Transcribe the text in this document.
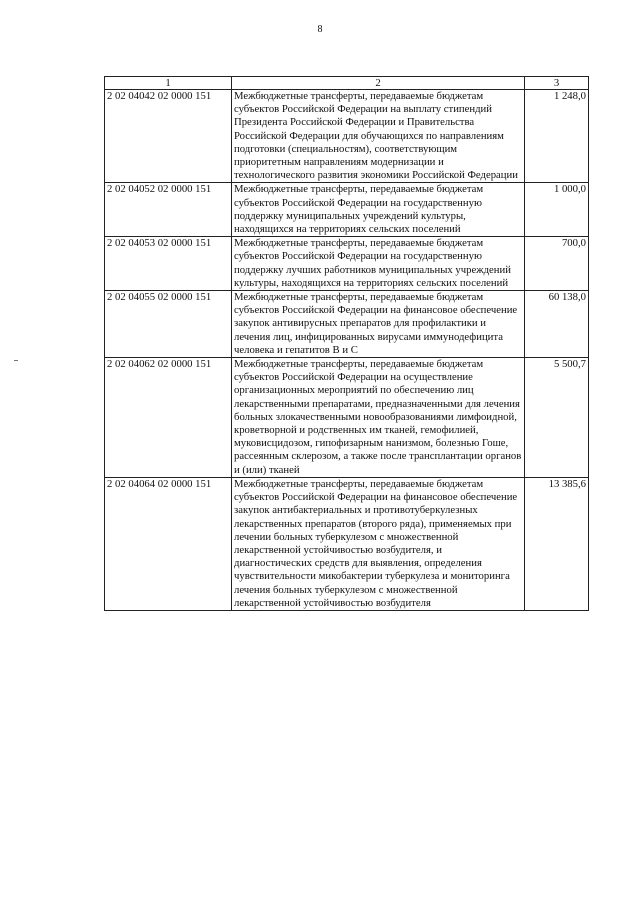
8
1	2	3
2 02 04042 02 0000 151	Межбюджетные трансферты, передаваемые бюджетам субъектов Российской Федерации на выплату стипендий Президента Российской Федерации и Правительства Российской Федерации для обучающихся по направлениям подготовки (специальностям), соответствующим приоритетным направлениям модернизации и технологического развития экономики Российской Федерации	1 248,0
2 02 04052 02 0000 151	Межбюджетные трансферты, передаваемые бюджетам субъектов Российской Федерации на государственную поддержку муниципальных учреждений культуры, находящихся на территориях сельских поселений	1 000,0
2 02 04053 02 0000 151	Межбюджетные трансферты, передаваемые бюджетам субъектов Российской Федерации на государственную поддержку лучших работников муниципальных учреждений культуры, находящихся на территориях сельских поселений	700,0
2 02 04055 02 0000 151	Межбюджетные трансферты, передаваемые бюджетам субъектов Российской Федерации на финансовое обеспечение закупок антивирусных препаратов для профилактики и лечения лиц, инфицированных вирусами иммунодефицита человека и гепатитов В и С	60 138,0
2 02 04062 02 0000 151	Межбюджетные трансферты, передаваемые бюджетам субъектов Российской Федерации на осуществление организационных мероприятий по обеспечению лиц лекарственными препаратами, предназначенными для лечения больных злокачественными новообразованиями лимфоидной, кроветворной и родственных им тканей, гемофилией, муковисцидозом, гипофизарным нанизмом, болезнью Гоше, рассеянным склерозом, а также после трансплантации органов и (или) тканей	5 500,7
2 02 04064 02 0000 151	Межбюджетные трансферты, передаваемые бюджетам субъектов Российской Федерации на финансовое обеспечение закупок антибактериальных и противотуберкулезных лекарственных препаратов (второго ряда), применяемых при лечении больных туберкулезом с множественной лекарственной устойчивостью возбудителя, и диагностических средств для выявления, определения чувствительности микобактерии туберкулеза и мониторинга лечения больных туберкулезом с множественной лекарственной устойчивостью возбудителя	13 385,6
